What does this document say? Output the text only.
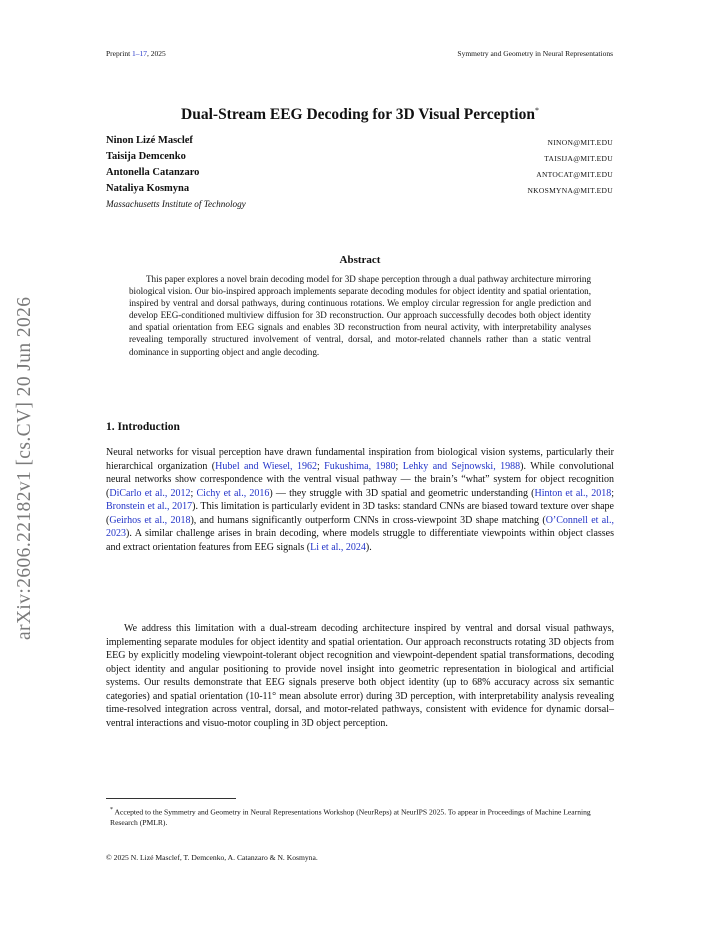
Preprint 1–17, 2025	Symmetry and Geometry in Neural Representations
arXiv:2606.22182v1 [cs.CV] 20 Jun 2026
Dual-Stream EEG Decoding for 3D Visual Perception*
Ninon Lizé Masclef	NINON@MIT.EDU
Taisija Demcenko	TAISIJA@MIT.EDU
Antonella Catanzaro	ANTOCAT@MIT.EDU
Nataliya Kosmyna	NKOSMYNA@MIT.EDU
Massachusetts Institute of Technology
Abstract
This paper explores a novel brain decoding model for 3D shape perception through a dual pathway architecture mirroring biological vision. Our bio-inspired approach implements separate decoding modules for object identity and spatial orientation, inspired by ventral and dorsal pathways, during continuous rotations. We employ circular regression for angle prediction and develop EEG-conditioned multiview diffusion for 3D reconstruction. Our approach successfully decodes both object identity and spatial orientation from EEG signals and enables 3D reconstruction from neural activity, with interpretability analyses revealing temporally structured involvement of ventral, dorsal, and motor-related channels rather than a static ventral dominance in supporting object and angle decoding.
1. Introduction
Neural networks for visual perception have drawn fundamental inspiration from biological vision systems, particularly their hierarchical organization (Hubel and Wiesel, 1962; Fukushima, 1980; Lehky and Sejnowski, 1988). While convolutional neural networks show correspondence with the ventral visual pathway — the brain’s “what” system for object recognition (DiCarlo et al., 2012; Cichy et al., 2016) — they struggle with 3D spatial and geometric understanding (Hinton et al., 2018; Bronstein et al., 2017). This limitation is particularly evident in 3D tasks: standard CNNs are biased toward texture over shape (Geirhos et al., 2018), and humans significantly outperform CNNs in cross-viewpoint 3D shape matching (O’Connell et al., 2023). A similar challenge arises in brain decoding, where models struggle to differentiate viewpoints within object classes and extract orientation features from EEG signals (Li et al., 2024).
We address this limitation with a dual-stream decoding architecture inspired by ventral and dorsal visual pathways, implementing separate modules for object identity and spatial orientation. Our approach reconstructs rotating 3D objects from EEG by explicitly modeling viewpoint-tolerant object recognition and viewpoint-dependent spatial transformations, decoding object identity and angular positioning to provide novel insight into geometric representation in biological and artificial systems. Our results demonstrate that EEG signals preserve both object identity (up to 68% accuracy across six semantic categories) and spatial orientation (10-11° mean absolute error) during 3D perception, with interpretability analysis revealing time-resolved integration across ventral, dorsal, and motor-related pathways, consistent with evidence for dynamic dorsal–ventral interactions and visuo-motor coupling in 3D object perception.
* Accepted to the Symmetry and Geometry in Neural Representations Workshop (NeurReps) at NeurIPS 2025. To appear in Proceedings of Machine Learning Research (PMLR).
© 2025 N. Lizé Masclef, T. Demcenko, A. Catanzaro & N. Kosmyna.
